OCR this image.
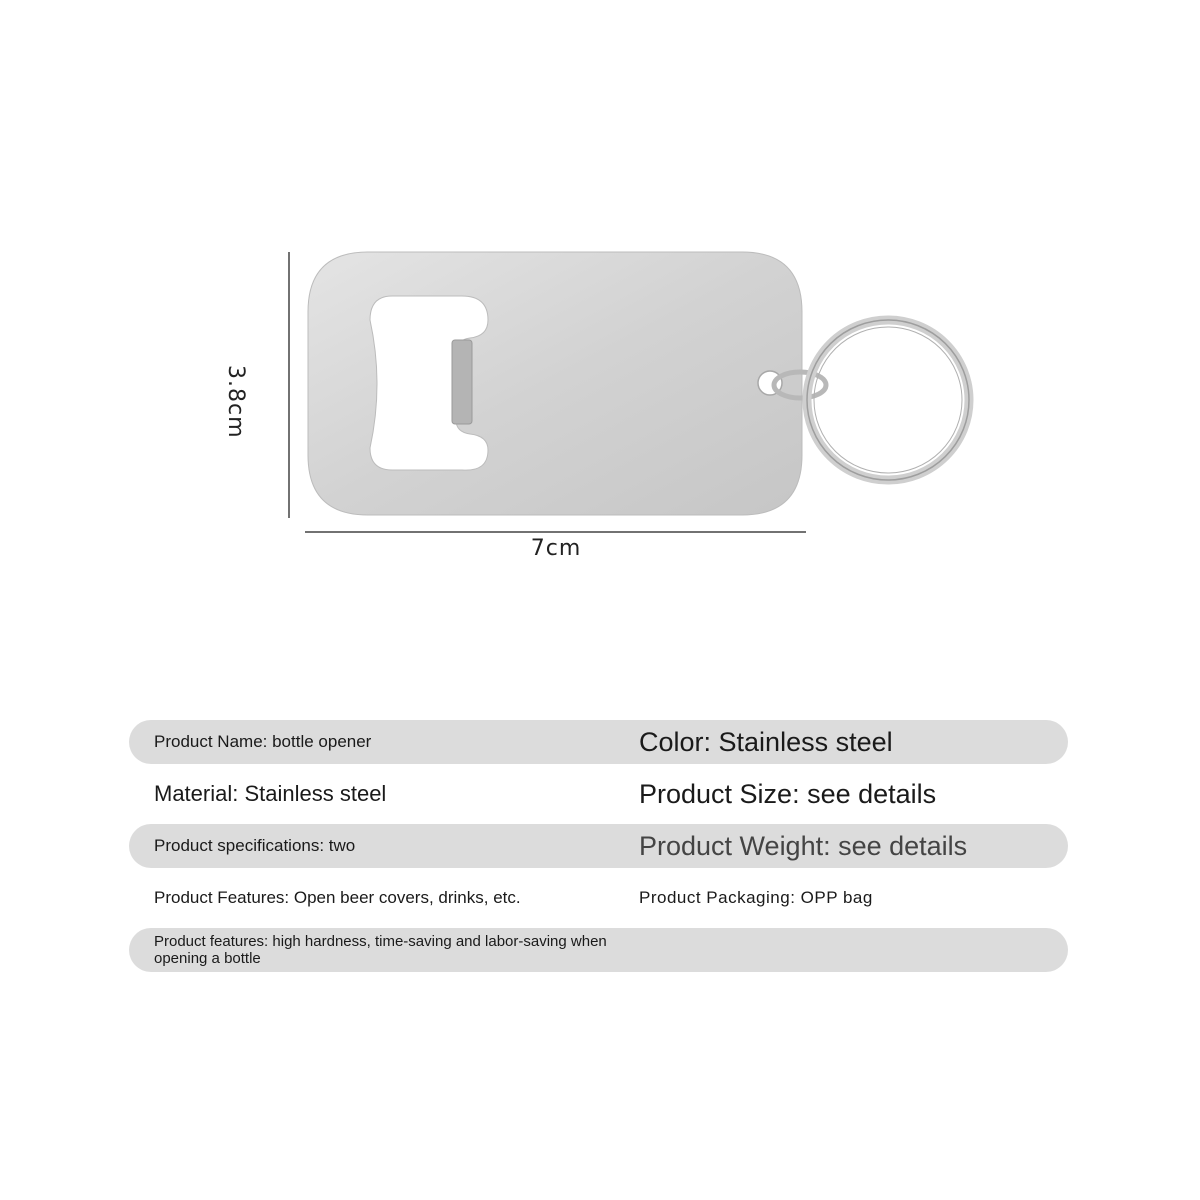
3.8cm
7cm
Product Name: bottle opener	Color: Stainless steel
Material: Stainless steel	Product Size: see details
Product specifications: two	Product Weight: see details
Product Features: Open beer covers, drinks, etc.	Product Packaging: OPP bag
Product features: high hardness, time-saving and labor-saving when opening a bottle
